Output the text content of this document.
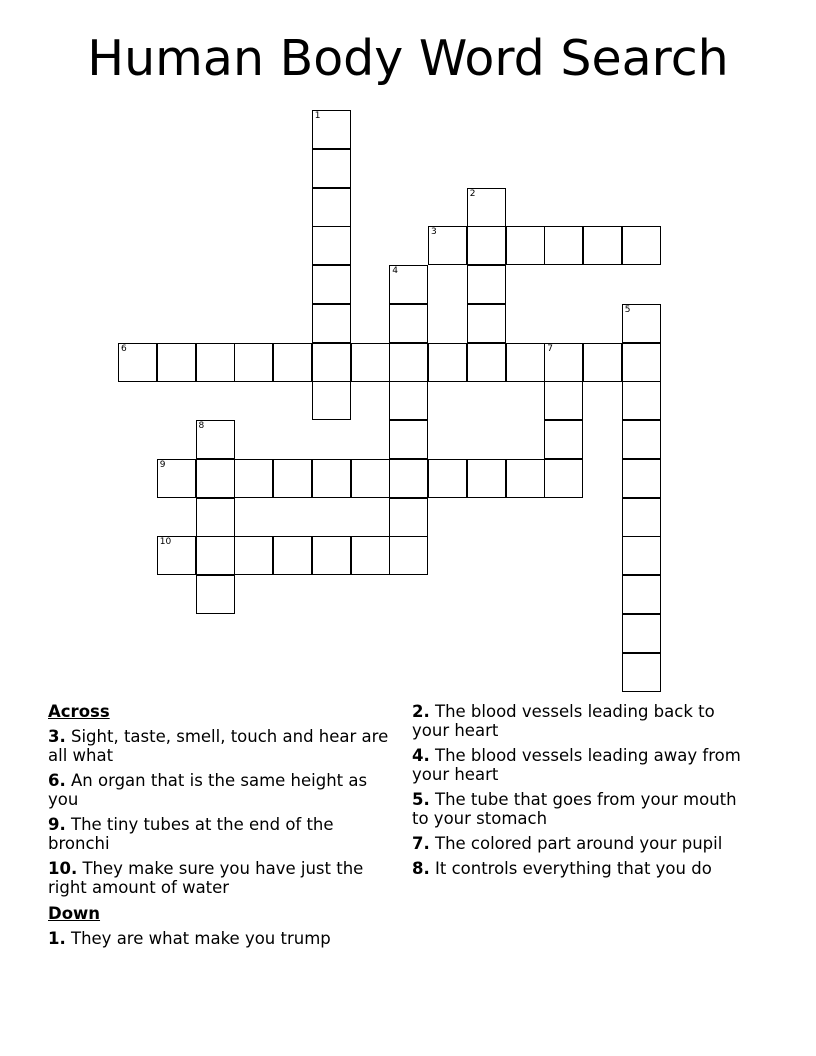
Human Body Word Search
1
2
3
4
5
6	7
8
9
10
Across
3. Sight, taste, smell, touch and hear are all what
6. An organ that is the same height as you
9. The tiny tubes at the end of the bronchi
10. They make sure you have just the right amount of water
Down
1. They are what make you trump
2. The blood vessels leading back to your heart
4. The blood vessels leading away from your heart
5. The tube that goes from your mouth to your stomach
7. The colored part around your pupil
8. It controls everything that you do
